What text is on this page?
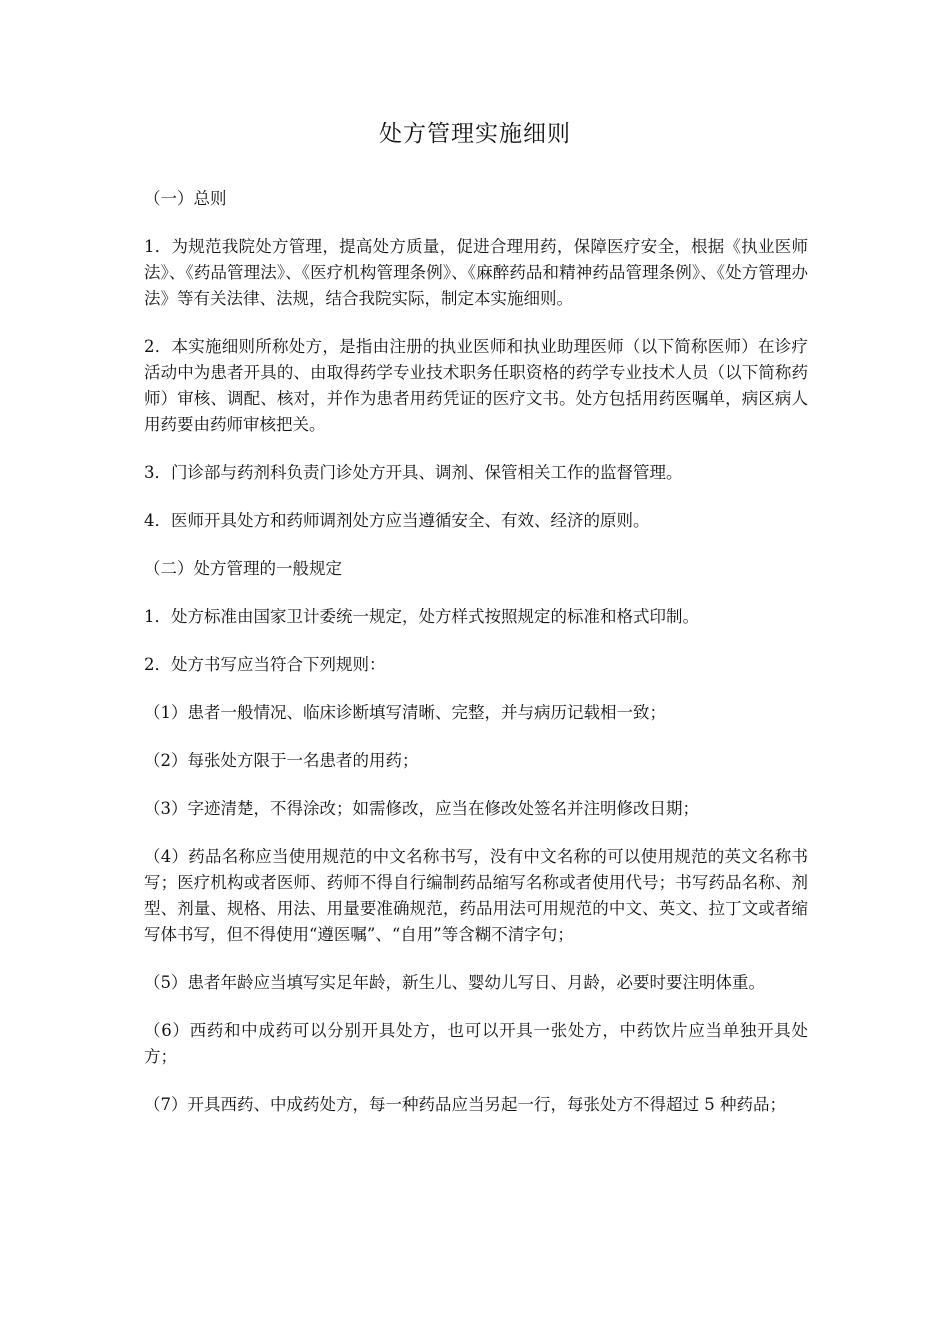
处方管理实施细则

（一）总则

1．为规范我院处方管理，提高处方质量，促进合理用药，保障医疗安全，根据《执业医师法》、《药品管理法》、《医疗机构管理条例》、《麻醉药品和精神药品管理条例》、《处方管理办法》等有关法律、法规，结合我院实际，制定本实施细则。

2．本实施细则所称处方，是指由注册的执业医师和执业助理医师（以下简称医师）在诊疗活动中为患者开具的、由取得药学专业技术职务任职资格的药学专业技术人员（以下简称药师）审核、调配、核对，并作为患者用药凭证的医疗文书。处方包括用药医嘱单，病区病人用药要由药师审核把关。

3．门诊部与药剂科负责门诊处方开具、调剂、保管相关工作的监督管理。

4．医师开具处方和药师调剂处方应当遵循安全、有效、经济的原则。

（二）处方管理的一般规定

1．处方标准由国家卫计委统一规定，处方样式按照规定的标准和格式印制。

2．处方书写应当符合下列规则：

（1）患者一般情况、临床诊断填写清晰、完整，并与病历记载相一致；

（2）每张处方限于一名患者的用药；

（3）字迹清楚，不得涂改；如需修改，应当在修改处签名并注明修改日期；

（4）药品名称应当使用规范的中文名称书写，没有中文名称的可以使用规范的英文名称书写；医疗机构或者医师、药师不得自行编制药品缩写名称或者使用代号；书写药品名称、剂型、剂量、规格、用法、用量要准确规范，药品用法可用规范的中文、英文、拉丁文或者缩写体书写，但不得使用“遵医嘱”、“自用”等含糊不清字句；

（5）患者年龄应当填写实足年龄，新生儿、婴幼儿写日、月龄，必要时要注明体重。

（6）西药和中成药可以分别开具处方，也可以开具一张处方，中药饮片应当单独开具处方；

（7）开具西药、中成药处方，每一种药品应当另起一行，每张处方不得超过 5 种药品；
